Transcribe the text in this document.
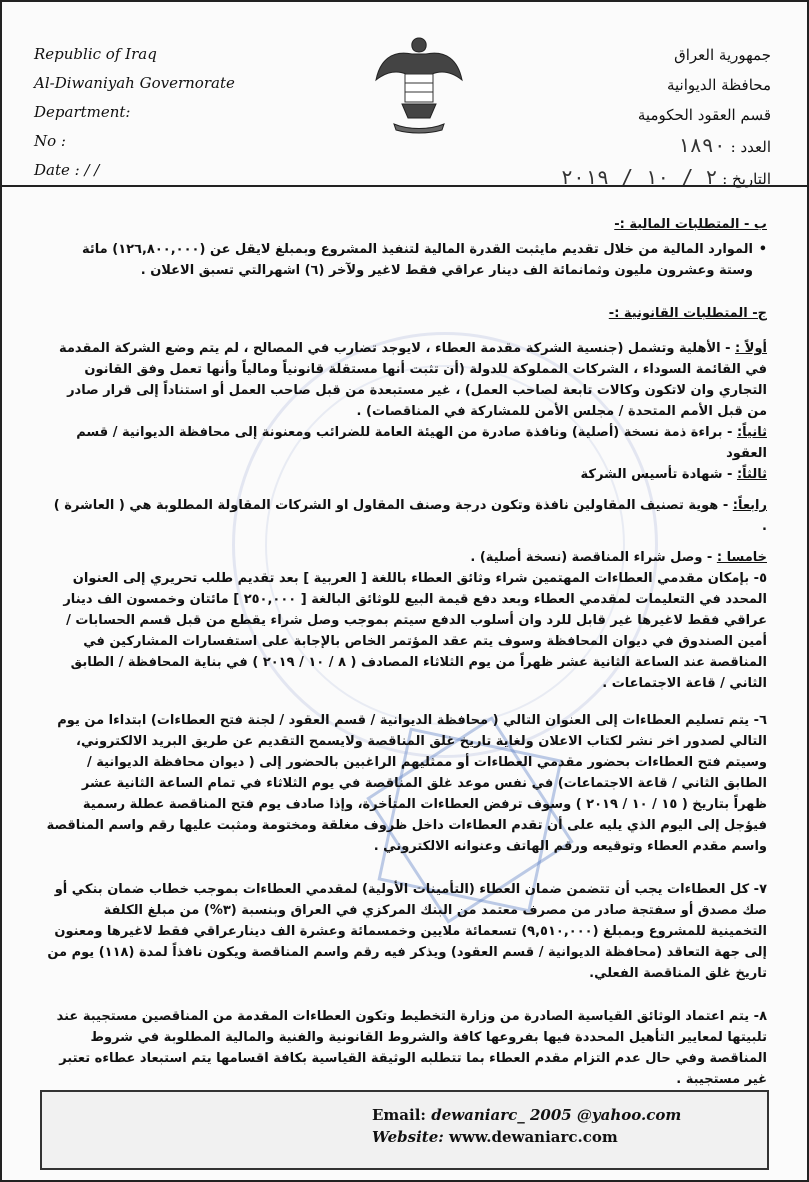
Republic of Iraq
Al-Diwaniyah Governorate
Department:
No :
Date : / /
جمهورية العراق
محافظة الديوانية
قسم العقود الحكومية
العدد : ١٨٩٠
التاريخ : ٢ / ١٠ / ٢٠١٩

ب - المتطلبات المالية :-

• الموارد المالية من خلال تقديم مايثبت القدرة المالية لتنفيذ المشروع وبمبلغ لايقل عن (١٢٦,٨٠٠,٠٠٠) مائة وستة وعشرون مليون وثمانمائة الف دينار عراقي فقط لاغير ولآخر (٦) اشهرالتي تسبق الاعلان .

ج- المتطلبات القانونية :-

أولاً : - الأهلية وتشمل (جنسية الشركة مقدمة العطاء ، لايوجد تضارب في المصالح ، لم يتم وضع الشركة المقدمة في القائمة السوداء ، الشركات المملوكة للدولة (أن تثبت أنها مستقلة قانونياً ومالياً وأنها تعمل وفق القانون التجاري وان لاتكون وكالات تابعة لصاحب العمل) ، غير مستبعدة من قبل صاحب العمل أو استناداً إلى قرار صادر من قبل الأمم المتحدة / مجلس الأمن للمشاركة في المناقصات) .

ثانياً: - براءة ذمة نسخة (أصلية) ونافذة صادرة من الهيئة العامة للضرائب ومعنونة إلى محافظة الديوانية / قسم العقود

ثالثاً: - شهادة تأسيس الشركة

رابعاً: - هوية تصنيف المقاولين نافذة وتكون درجة وصنف المقاول او الشركات المقاولة المطلوبة هي ( العاشرة ) .

خامسا : - وصل شراء المناقصة (نسخة أصلية) .

٥- بإمكان مقدمي العطاءات المهتمين شراء وثائق العطاء باللغة [ العربية ] بعد تقديم طلب تحريري إلى العنوان المحدد في التعليمات لمقدمي العطاء وبعد دفع قيمة البيع للوثائق البالغة [ ٢٥٠,٠٠٠ ] مائتان وخمسون الف دينار عراقي فقط لاغيرها غير قابل للرد وان أسلوب الدفع سيتم بموجب وصل شراء يقطع من قبل قسم الحسابات / أمين الصندوق في ديوان المحافظة وسوف يتم عقد المؤتمر الخاص بالإجابة على استفسارات المشاركين في المناقصة عند الساعة الثانية عشر ظهراً من يوم الثلاثاء المصادف ( ٨ / ١٠ / ٢٠١٩ ) في بناية المحافظة / الطابق الثاني / قاعة الاجتماعات .

٦- يتم تسليم العطاءات إلى العنوان التالي ( محافظة الديوانية / قسم العقود / لجنة فتح العطاءات) ابتداءا من يوم التالي لصدور اخر نشر لكتاب الاعلان ولغاية تاريخ غلق المناقصة ولايسمح التقديم عن طريق البريد الالكتروني، وسيتم فتح العطاءات بحضور مقدمي العطاءات أو ممثليهم الراغبين بالحضور إلى ( ديوان محافظة الديوانية / الطابق الثاني / قاعة الاجتماعات) في نفس موعد غلق المناقصة في يوم الثلاثاء في تمام الساعة الثانية عشر ظهراً بتاريخ ( ١٥ / ١٠ / ٢٠١٩ ) وسوف ترفض العطاءات المتأخرة، وإذا صادف يوم فتح المناقصة عطلة رسمية فيؤجل إلى اليوم الذي يليه على أن تقدم العطاءات داخل ظروف مغلقة ومختومة ومثبت عليها رقم واسم المناقصة واسم مقدم العطاء وتوقيعه ورقم الهاتف وعنوانه الالكتروني .

٧- كل العطاءات يجب أن تتضمن ضمان العطاء (التأمينات الأولية) لمقدمي العطاءات بموجب خطاب ضمان بنكي أو صك مصدق أو سفتجة صادر من مصرف معتمد من البنك المركزي في العراق وبنسبة (٣%) من مبلغ الكلفة التخمينية للمشروع وبمبلغ (٩,٥١٠,٠٠٠) تسعمائة ملايين وخمسمائة وعشرة الف دينارعراقي فقط لاغيرها ومعنون إلى جهة التعاقد (محافظة الديوانية / قسم العقود) ويذكر فيه رقم واسم المناقصة ويكون نافذاً لمدة (١١٨) يوم من تاريخ غلق المناقصة الفعلي.

٨- يتم اعتماد الوثائق القياسية الصادرة من وزارة التخطيط وتكون العطاءات المقدمة من المناقصين مستجيبة عند تلبيتها لمعايير التأهيل المحددة فيها بفروعها كافة والشروط القانونية والفنية والمالية المطلوبة في شروط المناقصة وفي حال عدم التزام مقدم العطاء بما تتطلبه الوثيقة القياسية بكافة اقسامها يتم استبعاد عطاءه تعتبر غير مستجيبة .

Email: dewaniarc_ 2005 @yahoo.com
Website: www.dewaniarc.com
